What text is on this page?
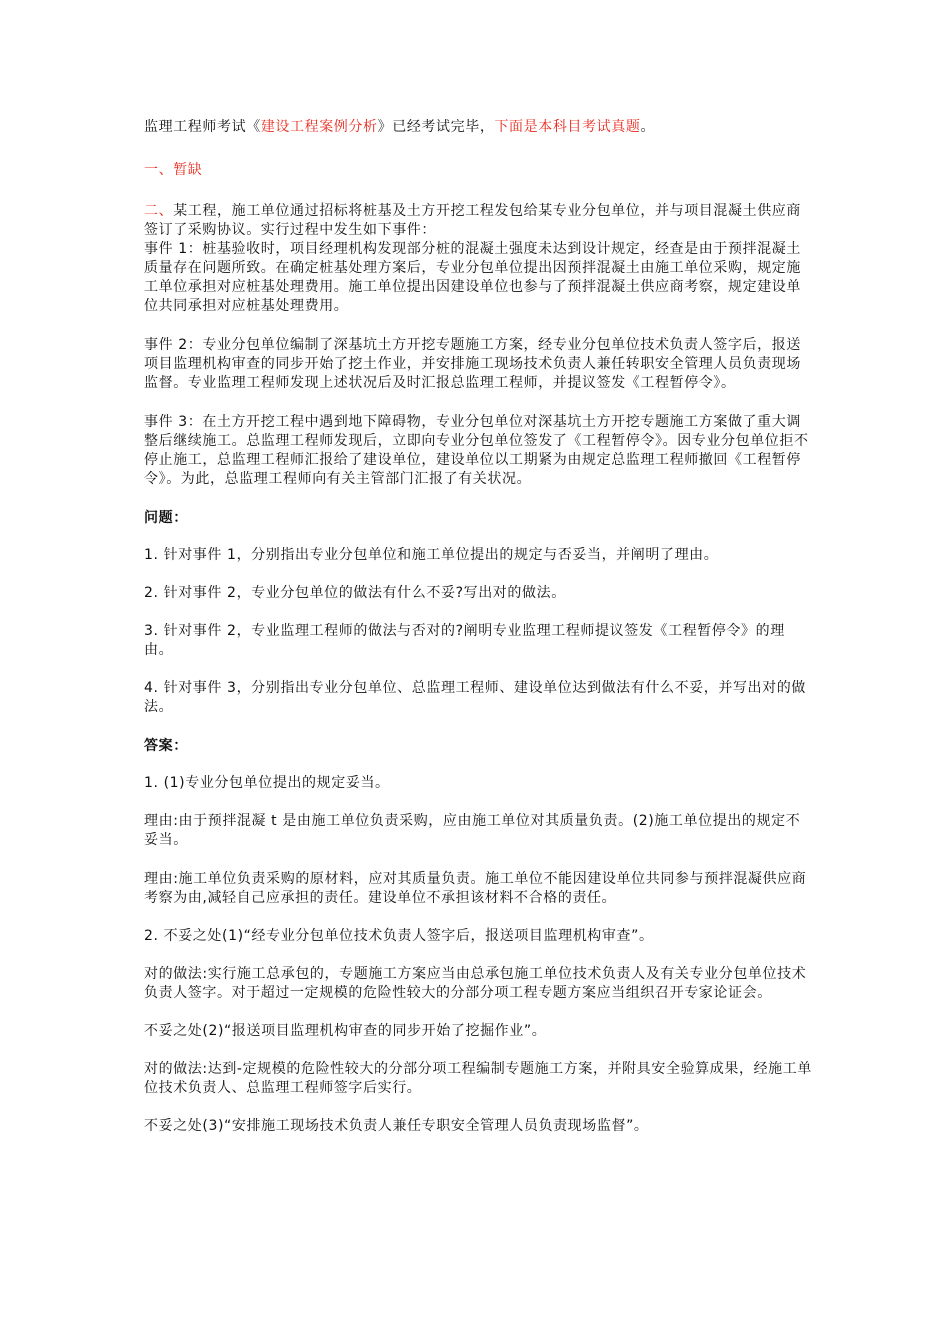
监理工程师考试《建设工程案例分析》已经考试完毕，下面是本科目考试真题。

一、暂缺

二、某工程，施工单位通过招标将桩基及土方开挖工程发包给某专业分包单位，并与项目混凝土供应商签订了采购协议。实行过程中发生如下事件：

事件 1：桩基验收时，项目经理机构发现部分桩的混凝土强度未达到设计规定，经查是由于预拌混凝土质量存在问题所致。在确定桩基处理方案后，专业分包单位提出因预拌混凝土由施工单位采购，规定施工单位承担对应桩基处理费用。施工单位提出因建设单位也参与了预拌混凝土供应商考察，规定建设单位共同承担对应桩基处理费用。

事件 2：专业分包单位编制了深基坑土方开挖专题施工方案，经专业分包单位技术负责人签字后，报送项目监理机构审查的同步开始了挖土作业，并安排施工现场技术负责人兼任转职安全管理人员负责现场监督。专业监理工程师发现上述状况后及时汇报总监理工程师，并提议签发《工程暂停令》。

事件 3：在土方开挖工程中遇到地下障碍物，专业分包单位对深基坑土方开挖专题施工方案做了重大调整后继续施工。总监理工程师发现后，立即向专业分包单位签发了《工程暂停令》。因专业分包单位拒不停止施工，总监理工程师汇报给了建设单位，建设单位以工期紧为由规定总监理工程师撤回《工程暂停令》。为此，总监理工程师向有关主管部门汇报了有关状况。

问题：

1. 针对事件 1，分别指出专业分包单位和施工单位提出的规定与否妥当，并阐明了理由。

2. 针对事件 2，专业分包单位的做法有什么不妥?写出对的做法。

3. 针对事件 2，专业监理工程师的做法与否对的?阐明专业监理工程师提议签发《工程暂停令》的理由。

4. 针对事件 3，分别指出专业分包单位、总监理工程师、建设单位达到做法有什么不妥，并写出对的做法。

答案：

1. (1)专业分包单位提出的规定妥当。

理由:由于预拌混凝 t 是由施工单位负责采购，应由施工单位对其质量负责。(2)施工单位提出的规定不妥当。

理由:施工单位负责采购的原材料，应对其质量负责。施工单位不能因建设单位共同参与预拌混凝供应商考察为由,减轻自己应承担的责任。建设单位不承担该材料不合格的责任。

2. 不妥之处(1)“经专业分包单位技术负责人签字后，报送项目监理机构审查”。

对的做法:实行施工总承包的，专题施工方案应当由总承包施工单位技术负责人及有关专业分包单位技术负责人签字。对于超过一定规模的危险性较大的分部分项工程专题方案应当组织召开专家论证会。

不妥之处(2)“报送项目监理机构审查的同步开始了挖掘作业”。

对的做法:达到-定规模的危险性较大的分部分项工程编制专题施工方案，并附具安全验算成果，经施工单位技术负责人、总监理工程师签字后实行。

不妥之处(3)“安排施工现场技术负责人兼任专职安全管理人员负责现场监督”。
